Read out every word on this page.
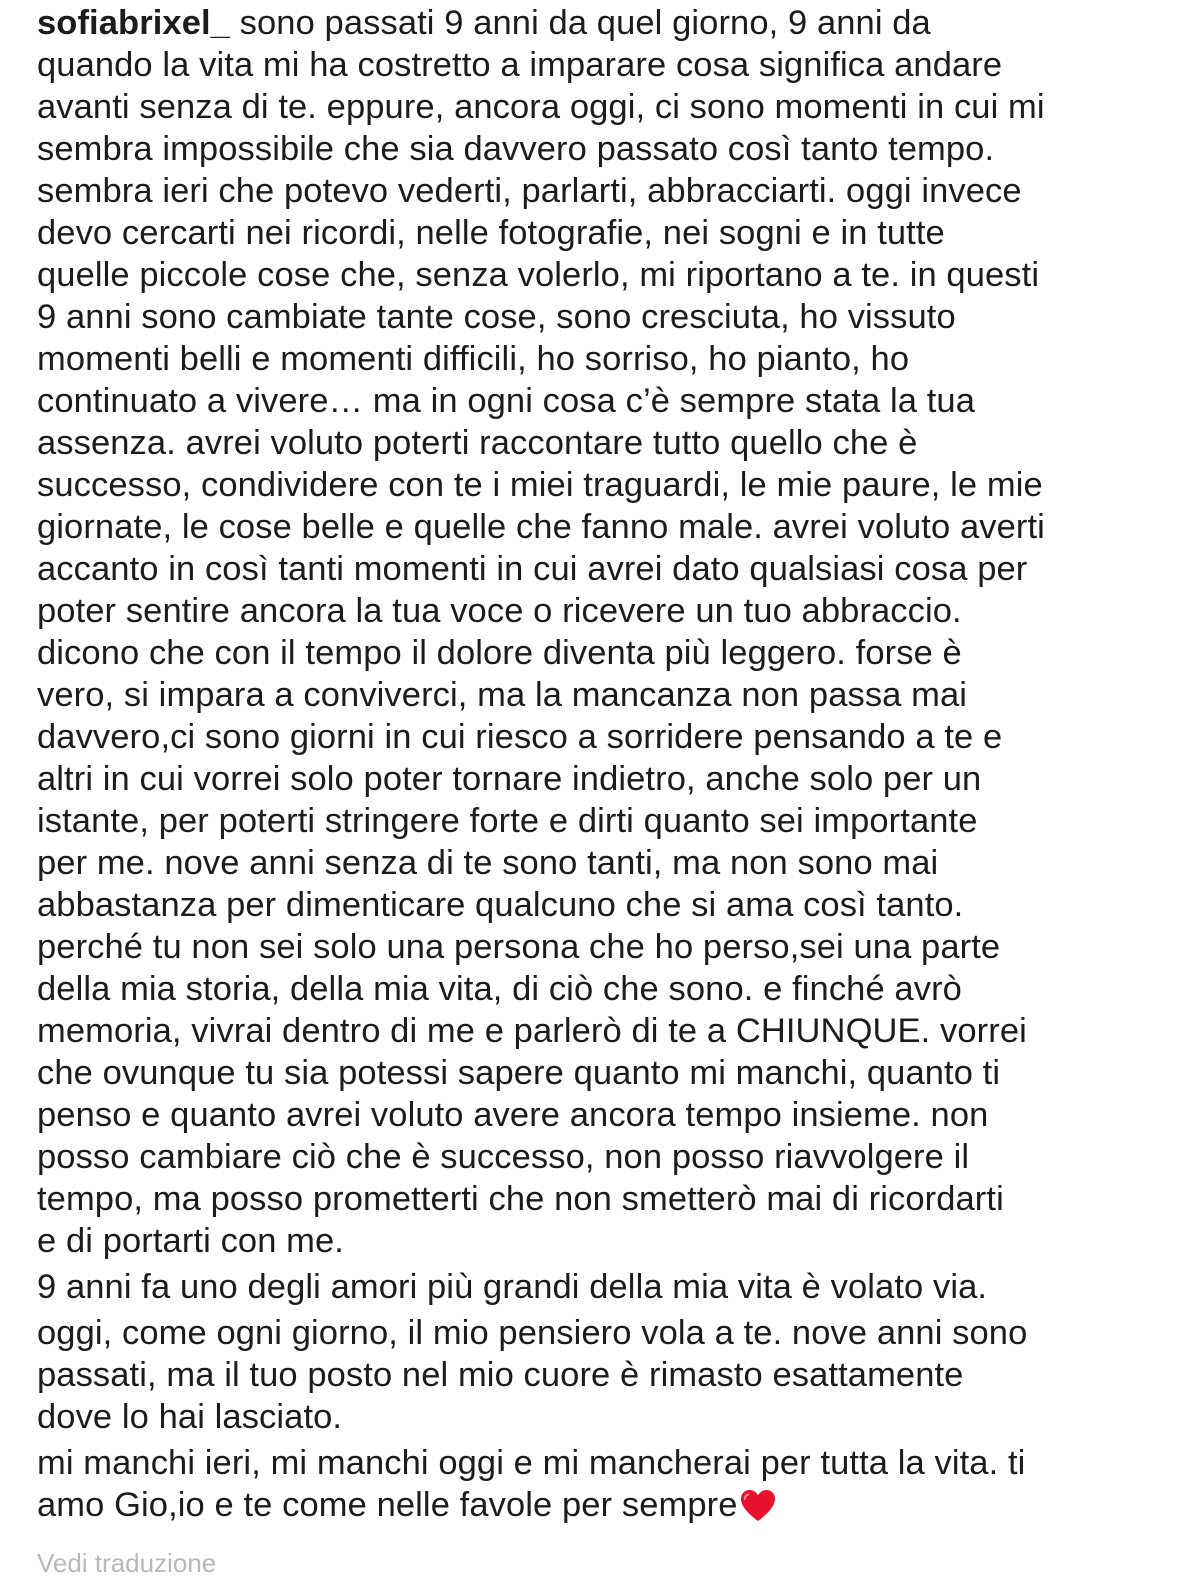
sofiabrixel_ sono passati 9 anni da quel giorno, 9 anni da
quando la vita mi ha costretto a imparare cosa significa andare
avanti senza di te. eppure, ancora oggi, ci sono momenti in cui mi
sembra impossibile che sia davvero passato così tanto tempo.
sembra ieri che potevo vederti, parlarti, abbracciarti. oggi invece
devo cercarti nei ricordi, nelle fotografie, nei sogni e in tutte
quelle piccole cose che, senza volerlo, mi riportano a te. in questi
9 anni sono cambiate tante cose, sono cresciuta, ho vissuto
momenti belli e momenti difficili, ho sorriso, ho pianto, ho
continuato a vivere… ma in ogni cosa c’è sempre stata la tua
assenza. avrei voluto poterti raccontare tutto quello che è
successo, condividere con te i miei traguardi, le mie paure, le mie
giornate, le cose belle e quelle che fanno male. avrei voluto averti
accanto in così tanti momenti in cui avrei dato qualsiasi cosa per
poter sentire ancora la tua voce o ricevere un tuo abbraccio.
dicono che con il tempo il dolore diventa più leggero. forse è
vero, si impara a conviverci, ma la mancanza non passa mai
davvero,ci sono giorni in cui riesco a sorridere pensando a te e
altri in cui vorrei solo poter tornare indietro, anche solo per un
istante, per poterti stringere forte e dirti quanto sei importante
per me. nove anni senza di te sono tanti, ma non sono mai
abbastanza per dimenticare qualcuno che si ama così tanto.
perché tu non sei solo una persona che ho perso,sei una parte
della mia storia, della mia vita, di ciò che sono. e finché avrò
memoria, vivrai dentro di me e parlerò di te a CHIUNQUE. vorrei
che ovunque tu sia potessi sapere quanto mi manchi, quanto ti
penso e quanto avrei voluto avere ancora tempo insieme. non
posso cambiare ciò che è successo, non posso riavvolgere il
tempo, ma posso prometterti che non smetterò mai di ricordarti
e di portarti con me.
9 anni fa uno degli amori più grandi della mia vita è volato via.
oggi, come ogni giorno, il mio pensiero vola a te. nove anni sono
passati, ma il tuo posto nel mio cuore è rimasto esattamente
dove lo hai lasciato.
mi manchi ieri, mi manchi oggi e mi mancherai per tutta la vita. ti
amo Gio,io e te come nelle favole per sempre
Vedi traduzione
